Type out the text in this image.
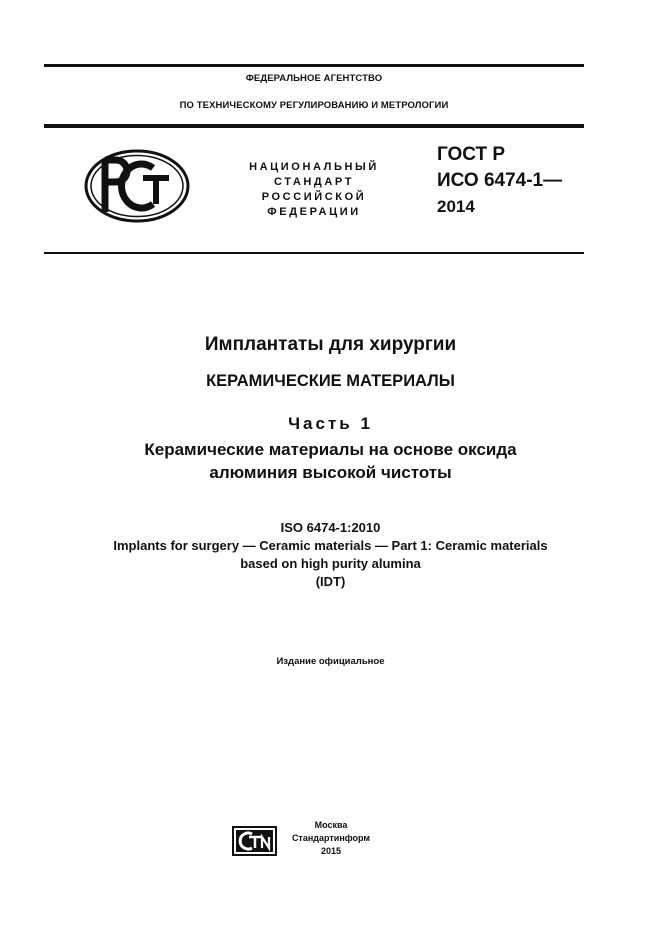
ФЕДЕРАЛЬНОЕ АГЕНТСТВО
ПО ТЕХНИЧЕСКОМУ РЕГУЛИРОВАНИЮ И МЕТРОЛОГИИ
НАЦИОНАЛЬНЫЙ
СТАНДАРТ
РОССИЙСКОЙ
ФЕДЕРАЦИИ
ГОСТ Р
ИСО 6474-1—
2014
Имплантаты для хирургии
КЕРАМИЧЕСКИЕ МАТЕРИАЛЫ
Часть 1
Керамические материалы на основе оксида
алюминия высокой чистоты
ISO 6474-1:2010
Implants for surgery — Ceramic materials — Part 1: Ceramic materials
based on high purity alumina
(IDT)
Издание официальное
Москва
Стандартинформ
2015
